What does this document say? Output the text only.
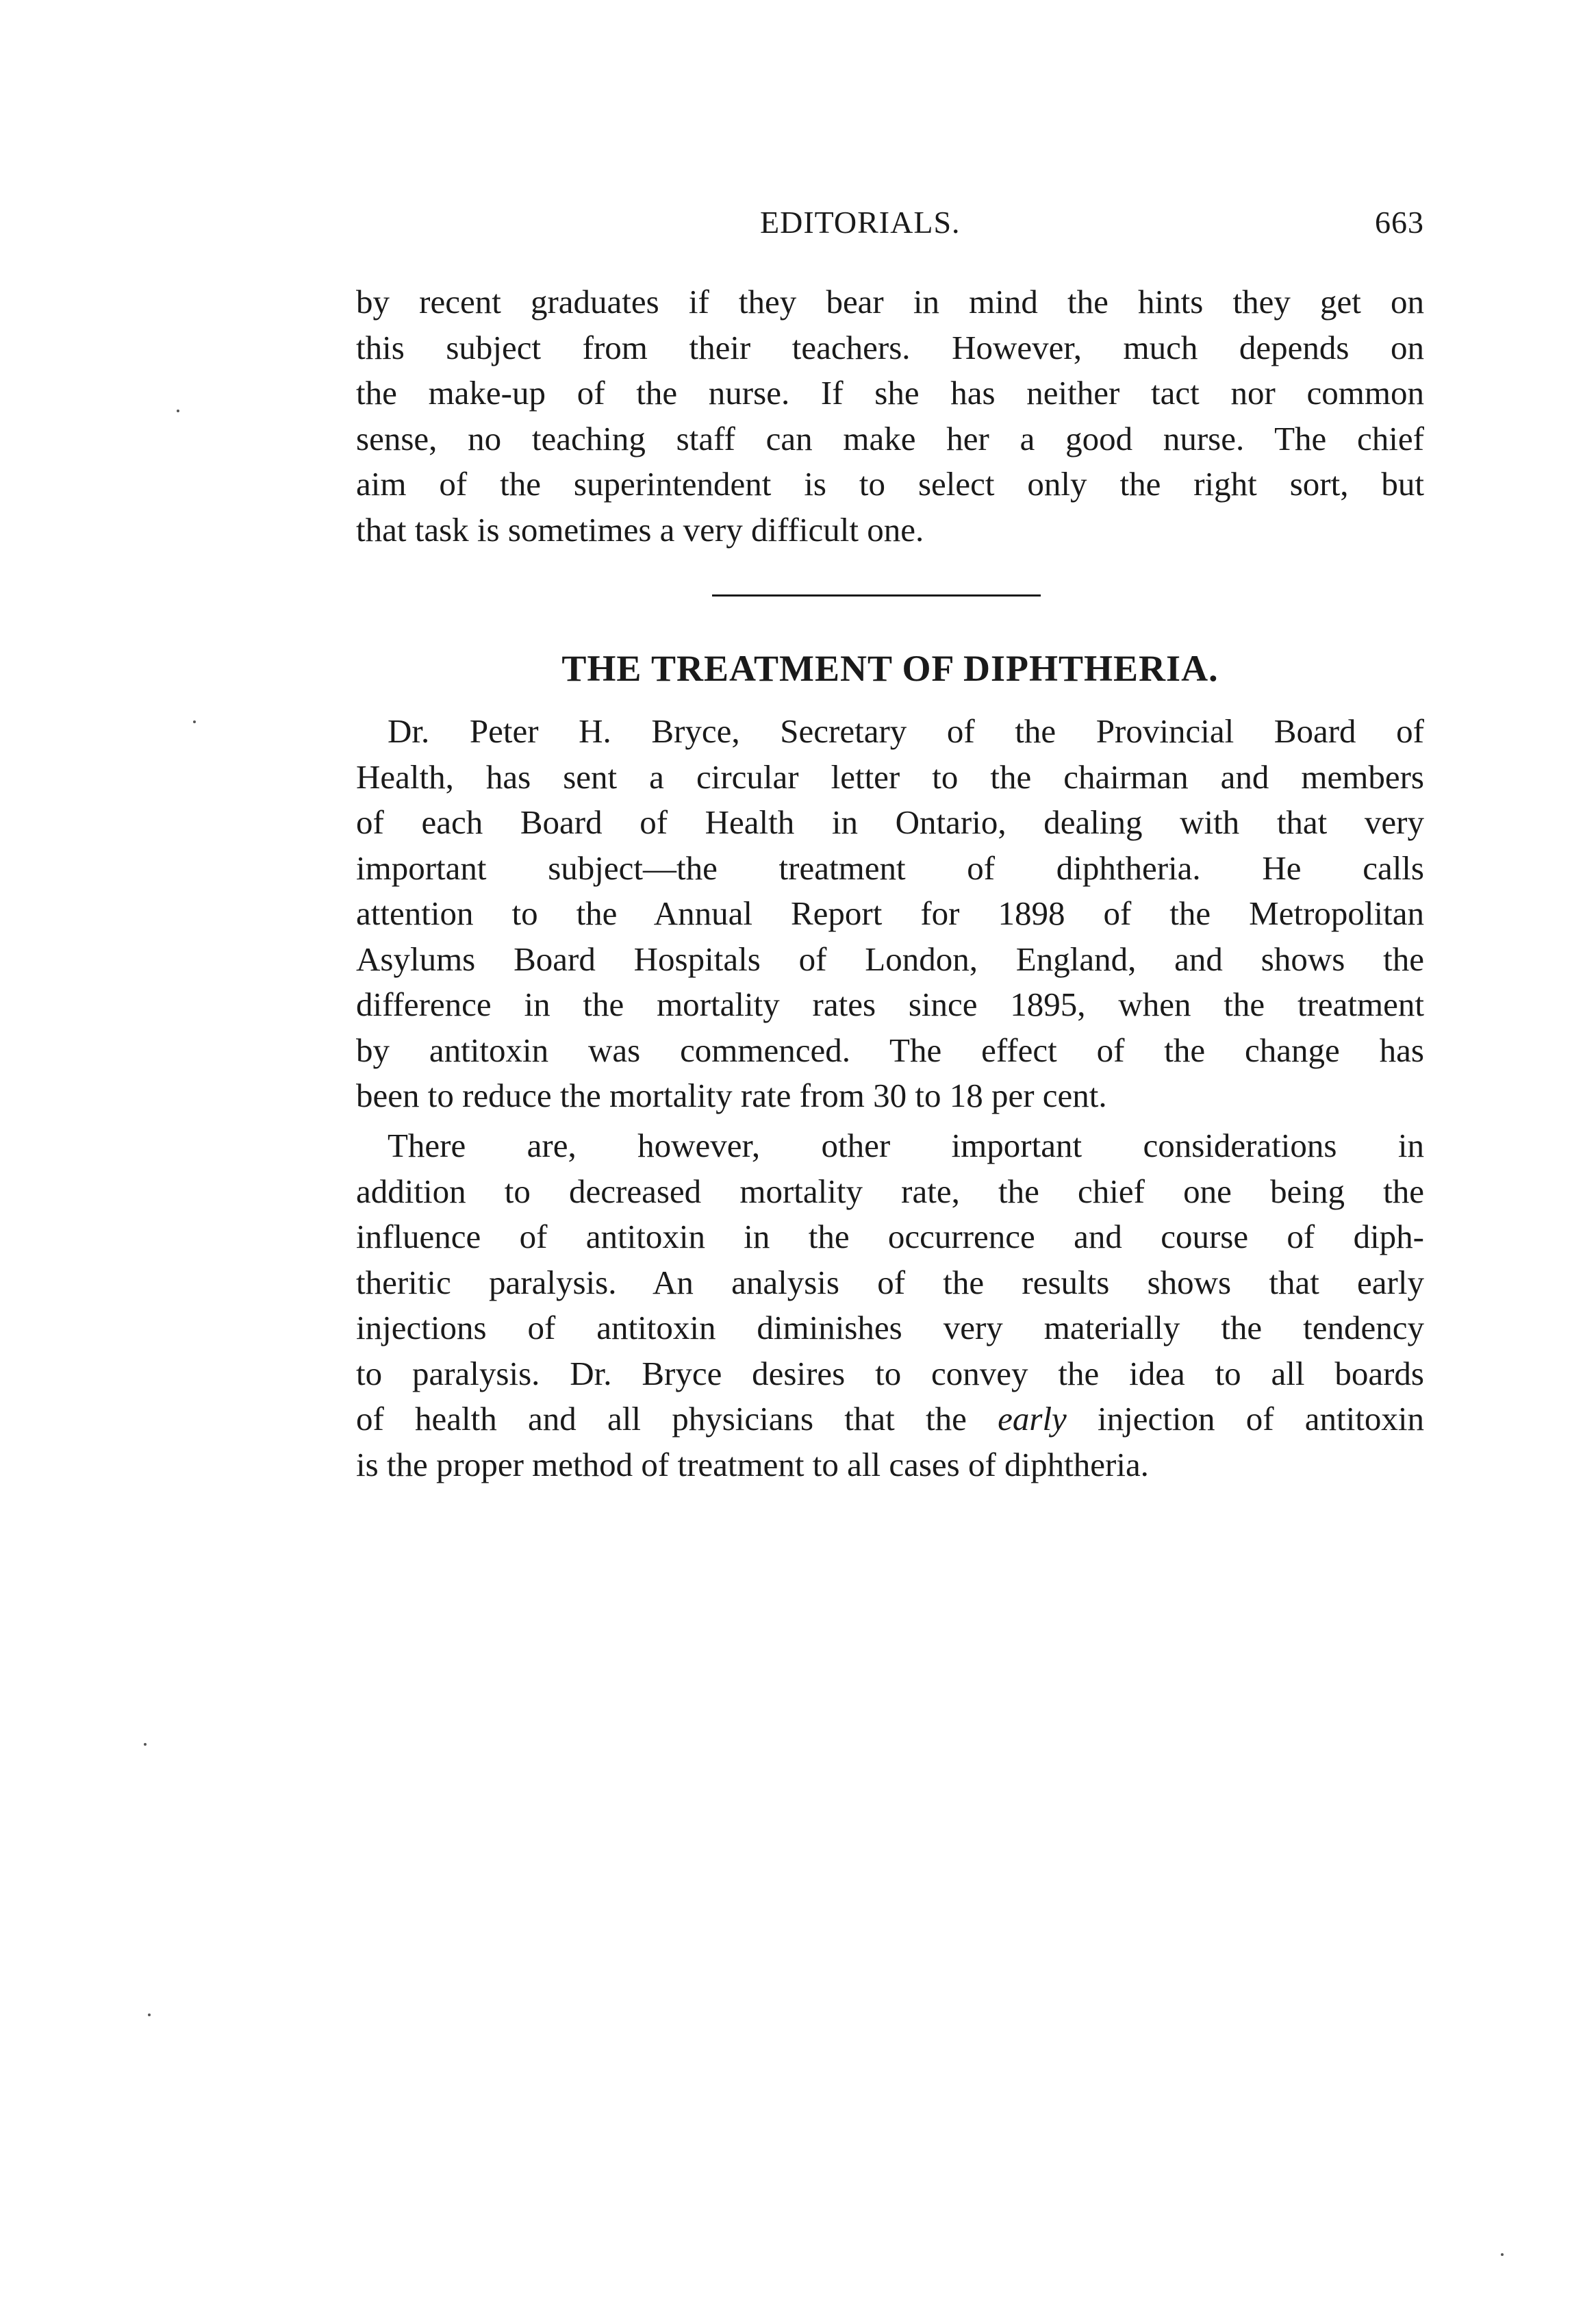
EDITORIALS.	663

by recent graduates if they bear in mind the hints they get on
this subject from their teachers. However, much depends on
the make-up of the nurse. If she has neither tact nor common
sense, no teaching staff can make her a good nurse. The chief
aim of the superintendent is to select only the right sort, but
that task is sometimes a very difficult one.

THE TREATMENT OF DIPHTHERIA.

Dr. Peter H. Bryce, Secretary of the Provincial Board of
Health, has sent a circular letter to the chairman and members
of each Board of Health in Ontario, dealing with that very
important subject—the treatment of diphtheria. He calls
attention to the Annual Report for 1898 of the Metropolitan
Asylums Board Hospitals of London, England, and shows the
difference in the mortality rates since 1895, when the treatment
by antitoxin was commenced. The effect of the change has
been to reduce the mortality rate from 30 to 18 per cent.

There are, however, other important considerations in
addition to decreased mortality rate, the chief one being the
influence of antitoxin in the occurrence and course of diph-
theritic paralysis. An analysis of the results shows that early
injections of antitoxin diminishes very materially the tendency
to paralysis. Dr. Bryce desires to convey the idea to all boards
of health and all physicians that the early injection of antitoxin
is the proper method of treatment to all cases of diphtheria.
